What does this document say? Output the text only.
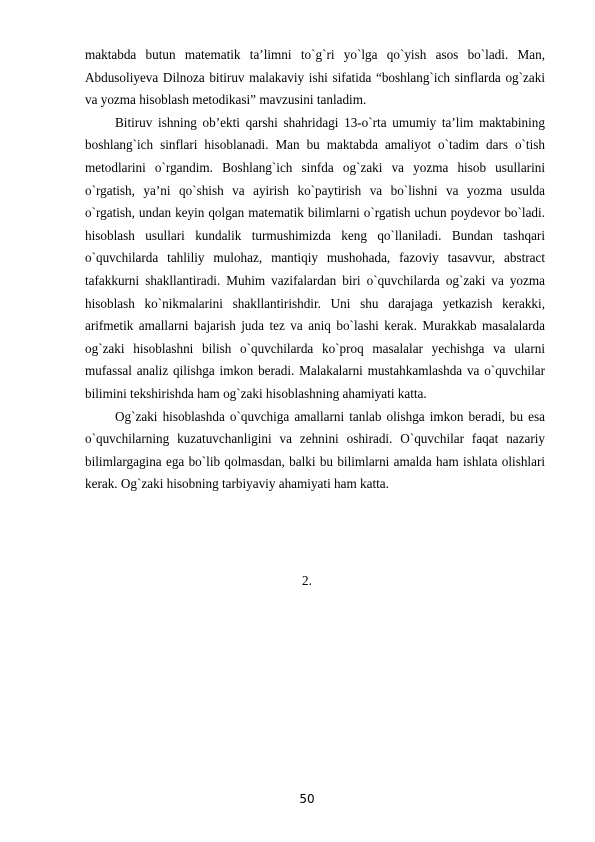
maktabda butun matematik ta’limni to`g`ri yo`lga qo`yish asos bo`ladi. Man, Abdusoliyeva Dilnoza bitiruv malakaviy ishi sifatida “boshlang`ich sinflarda og`zaki va yozma hisoblash metodikasi” mavzusini tanladim.

Bitiruv ishning ob’ekti qarshi shahridagi 13-o`rta umumiy ta’lim maktabining boshlang`ich sinflari hisoblanadi. Man bu maktabda amaliyot o`tadim dars o`tish metodlarini o`rgandim. Boshlang`ich sinfda og`zaki va yozma hisob usullarini o`rgatish, ya’ni qo`shish va ayirish ko`paytirish va bo`lishni va yozma usulda o`rgatish, undan keyin qolgan matematik bilimlarni o`rgatish uchun poydevor bo`ladi. hisoblash usullari kundalik turmushimizda keng qo`llaniladi. Bundan tashqari o`quvchilarda tahliliy mulohaz, mantiqiy mushohada, fazoviy tasavvur, abstract tafakkurni shakllantiradi. Muhim vazifalardan biri o`quvchilarda og`zaki va yozma hisoblash ko`nikmalarini shakllantirishdir. Uni shu darajaga yetkazish kerakki, arifmetik amallarni bajarish juda tez va aniq bo`lashi kerak. Murakkab masalalarda og`zaki hisoblashni bilish o`quvchilarda ko`proq masalalar yechishga va ularni mufassal analiz qilishga imkon beradi. Malakalarni mustahkamlashda va o`quvchilar bilimini tekshirishda ham og`zaki hisoblashning ahamiyati katta.

Og`zaki hisoblashda o`quvchiga amallarni tanlab olishga imkon beradi, bu esa o`quvchilarning kuzatuvchanligini va zehnini oshiradi. O`quvchilar faqat nazariy bilimlargagina ega bo`lib qolmasdan, balki bu bilimlarni amalda ham ishlata olishlari kerak. Og`zaki hisobning tarbiyaviy ahamiyati ham katta.

2.
50
